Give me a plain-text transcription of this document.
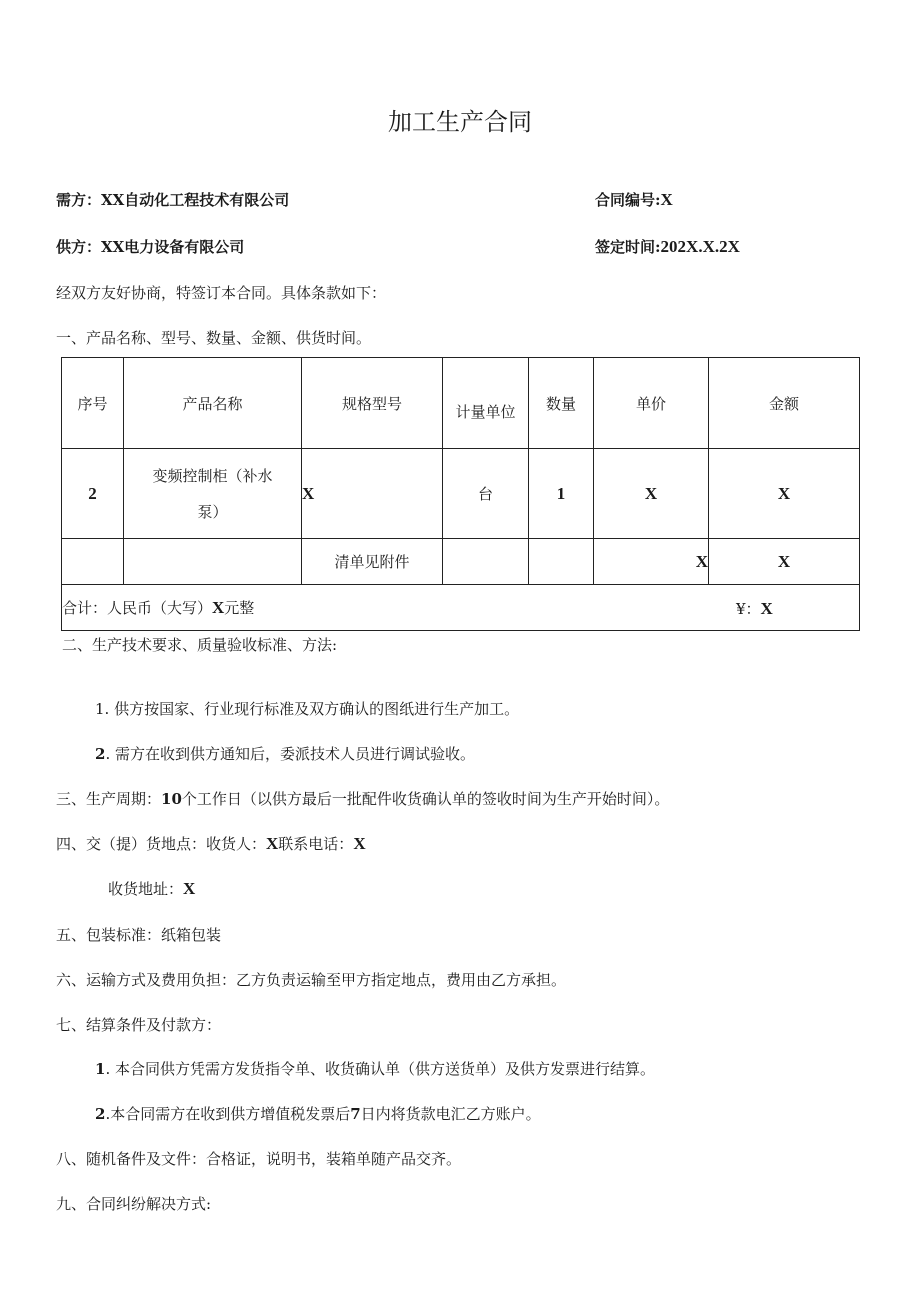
加工生产合同
需方：XX自动化工程技术有限公司	合同编号:X
供方：XX电力设备有限公司	签定时间:202X.X.2X
经双方友好协商，特签订本合同。具体条款如下：
一、产品名称、型号、数量、金额、供货时间。
序号	产品名称	规格型号	计量单位	数量	单价	金额
2	变频控制柜（补水
泵）	X	台	1	X	X
		清单见附件			X	X
合计：人民币（大写）X元整 ¥：X						
二、生产技术要求、质量验收标准、方法:
1. 供方按国家、行业现行标准及双方确认的图纸进行生产加工。
2. 需方在收到供方通知后，委派技术人员进行调试验收。
三、生产周期：10个工作日（以供方最后一批配件收货确认单的签收时间为生产开始时间）。
四、交（提）货地点：收货人：X联系电话：X
收货地址：X
五、包装标准：纸箱包装
六、运输方式及费用负担：乙方负责运输至甲方指定地点，费用由乙方承担。
七、结算条件及付款方：
1. 本合同供方凭需方发货指令单、收货确认单（供方送货单）及供方发票进行结算。
2.本合同需方在收到供方增值税发票后7日内将货款电汇乙方账户。
八、随机备件及文件：合格证，说明书，装箱单随产品交齐。
九、合同纠纷解决方式:
